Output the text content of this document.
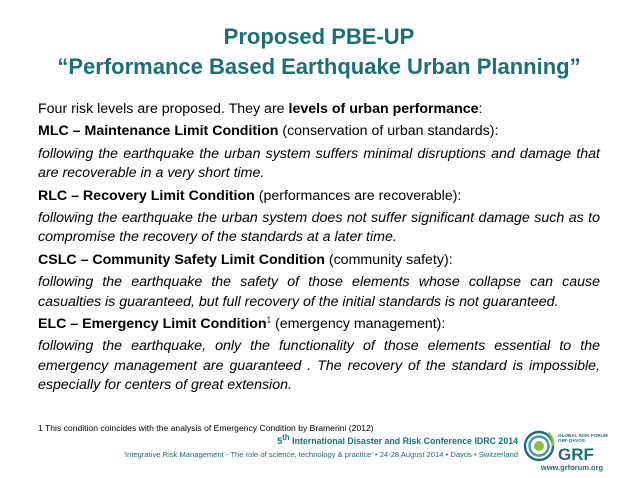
Proposed PBE-UP
“Performance Based Earthquake Urban Planning”

Four risk levels are proposed. They are levels of urban performance:

MLC – Maintenance Limit Condition (conservation of urban standards):

following the earthquake the urban system suffers minimal disruptions and damage that are recoverable in a very short time.

RLC – Recovery Limit Condition (performances are recoverable):

following the earthquake the urban system does not suffer significant damage such as to compromise the recovery of the standards at a later time.

CSLC – Community Safety Limit Condition (community safety):

following the earthquake the safety of those elements whose collapse can cause casualties is guaranteed, but full recovery of the initial standards is not guaranteed.

ELC – Emergency Limit Condition$^1$ (emergency management):

following the earthquake, only the functionality of those elements essential to the emergency management are guaranteed . The recovery of the standard is impossible, especially for centers of great extension.

1 This condition coincides with the analysis of Emergency Condition by Bramerini (2012)
5th International Disaster and Risk Conference IDRC 2014
'Integrative Risk Management - The role of science, technology & practice' • 24-28 August 2014 • Davos • Switzerland
GLOBAL RISK FORUM
GRF DAVOS
GRF
www.grforum.org
